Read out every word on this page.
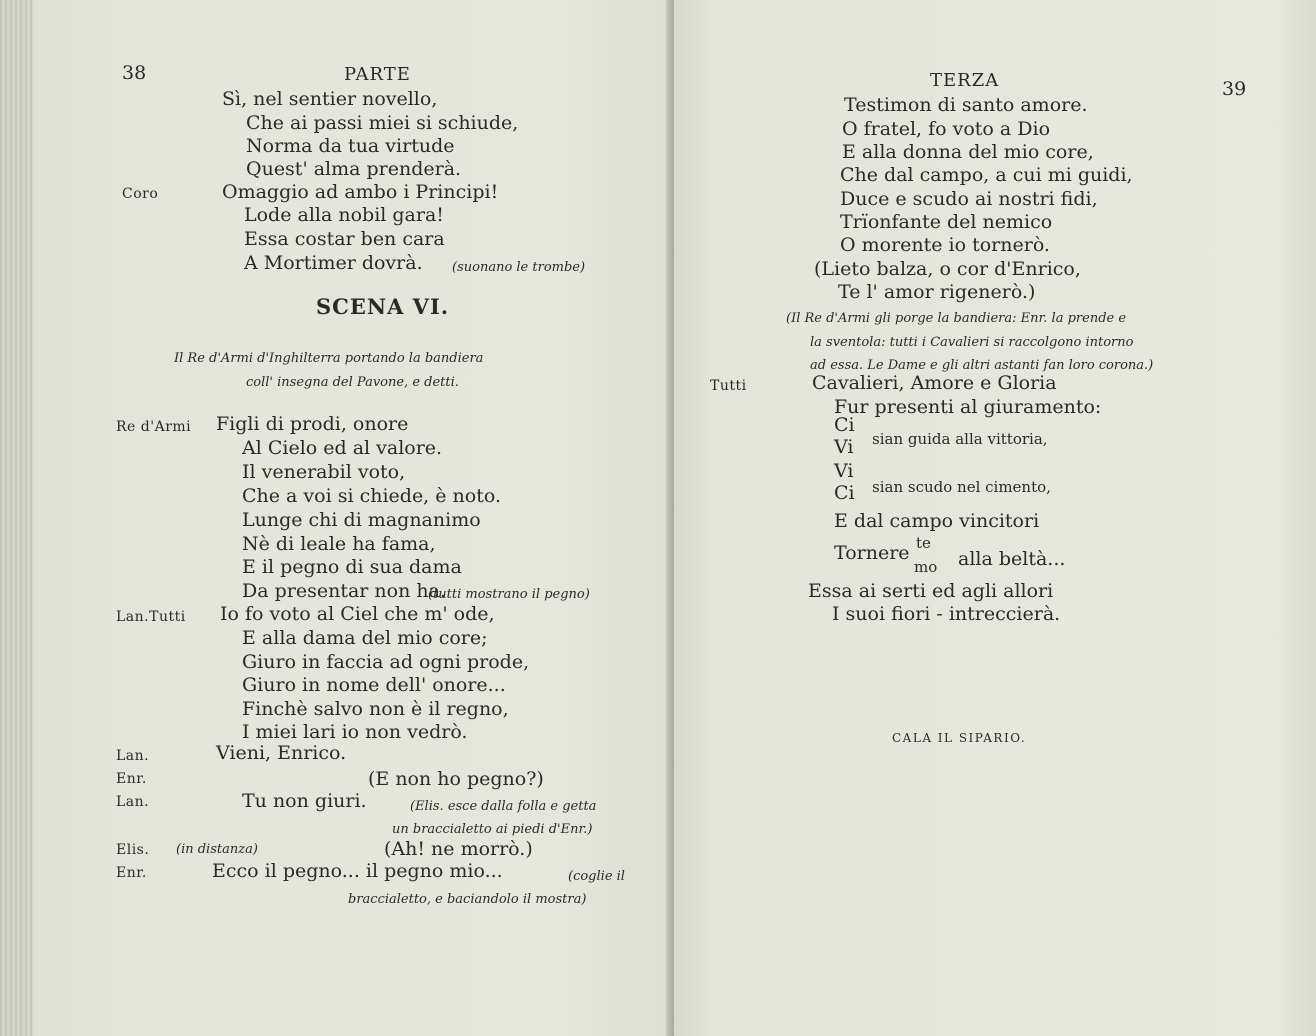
38	PARTE
Sì, nel sentier novello,
Che ai passi miei si schiude,
Norma da tua virtude
Quest' alma prenderà.
Coro	Omaggio ad ambo i Principi!
Lode alla nobil gara!
Essa costar ben cara
A Mortimer dovrà. (suonano le trombe)
SCENA VI.
Il Re d'Armi d'Inghilterra portando la bandiera
coll' insegna del Pavone, e detti.
Re d'Armi Figli di prodi, onore
Al Cielo ed al valore.
Il venerabil voto,
Che a voi si chiede, è noto.
Lunge chi di magnanimo
Nè di leale ha fama,
E il pegno di sua dama
Da presentar non ha.
(tutti mostrano il pegno)
Lan.Tutti Io fo voto al Ciel che m' ode,
E alla dama del mio core;
Giuro in faccia ad ogni prode,
Giuro in nome dell' onore...
Finchè salvo non è il regno,
I miei lari io non vedrò.
Lan.	Vieni, Enrico.
Enr.	(E non ho pegno?)
Lan.	Tu non giuri.	(Elis. esce dalla folla e getta
un braccialetto ai piedi d'Enr.)
Elis. (in distanza)	(Ah! ne morrò.)
Enr.	Ecco il pegno... il pegno mio...	(coglie il
braccialetto, e baciandolo il mostra)
TERZA	39
Testimon di santo amore.
O fratel, fo voto a Dio
E alla donna del mio core,
Che dal campo, a cui mi guidi,
Duce e scudo ai nostri fidi,
Trïonfante del nemico
O morente io tornerò.
(Lieto balza, o cor d'Enrico,
Te l' amor rigenerò.)
(Il Re d'Armi gli porge la bandiera: Enr. la prende e
la sventola: tutti i Cavalieri si raccolgono intorno
ad essa. Le Dame e gli altri astanti fan loro corona.)
Tutti	Cavalieri, Amore e Gloria
Fur presenti al giuramento:
Ci
Vi sian guida alla vittoria,
Vi
Ci sian scudo nel cimento,
E dal campo vincitori
Tornere te
mo alla beltà...
Essa ai serti ed agli allori
I suoi fiori - intreccierà.
CALA IL SIPARIO.
